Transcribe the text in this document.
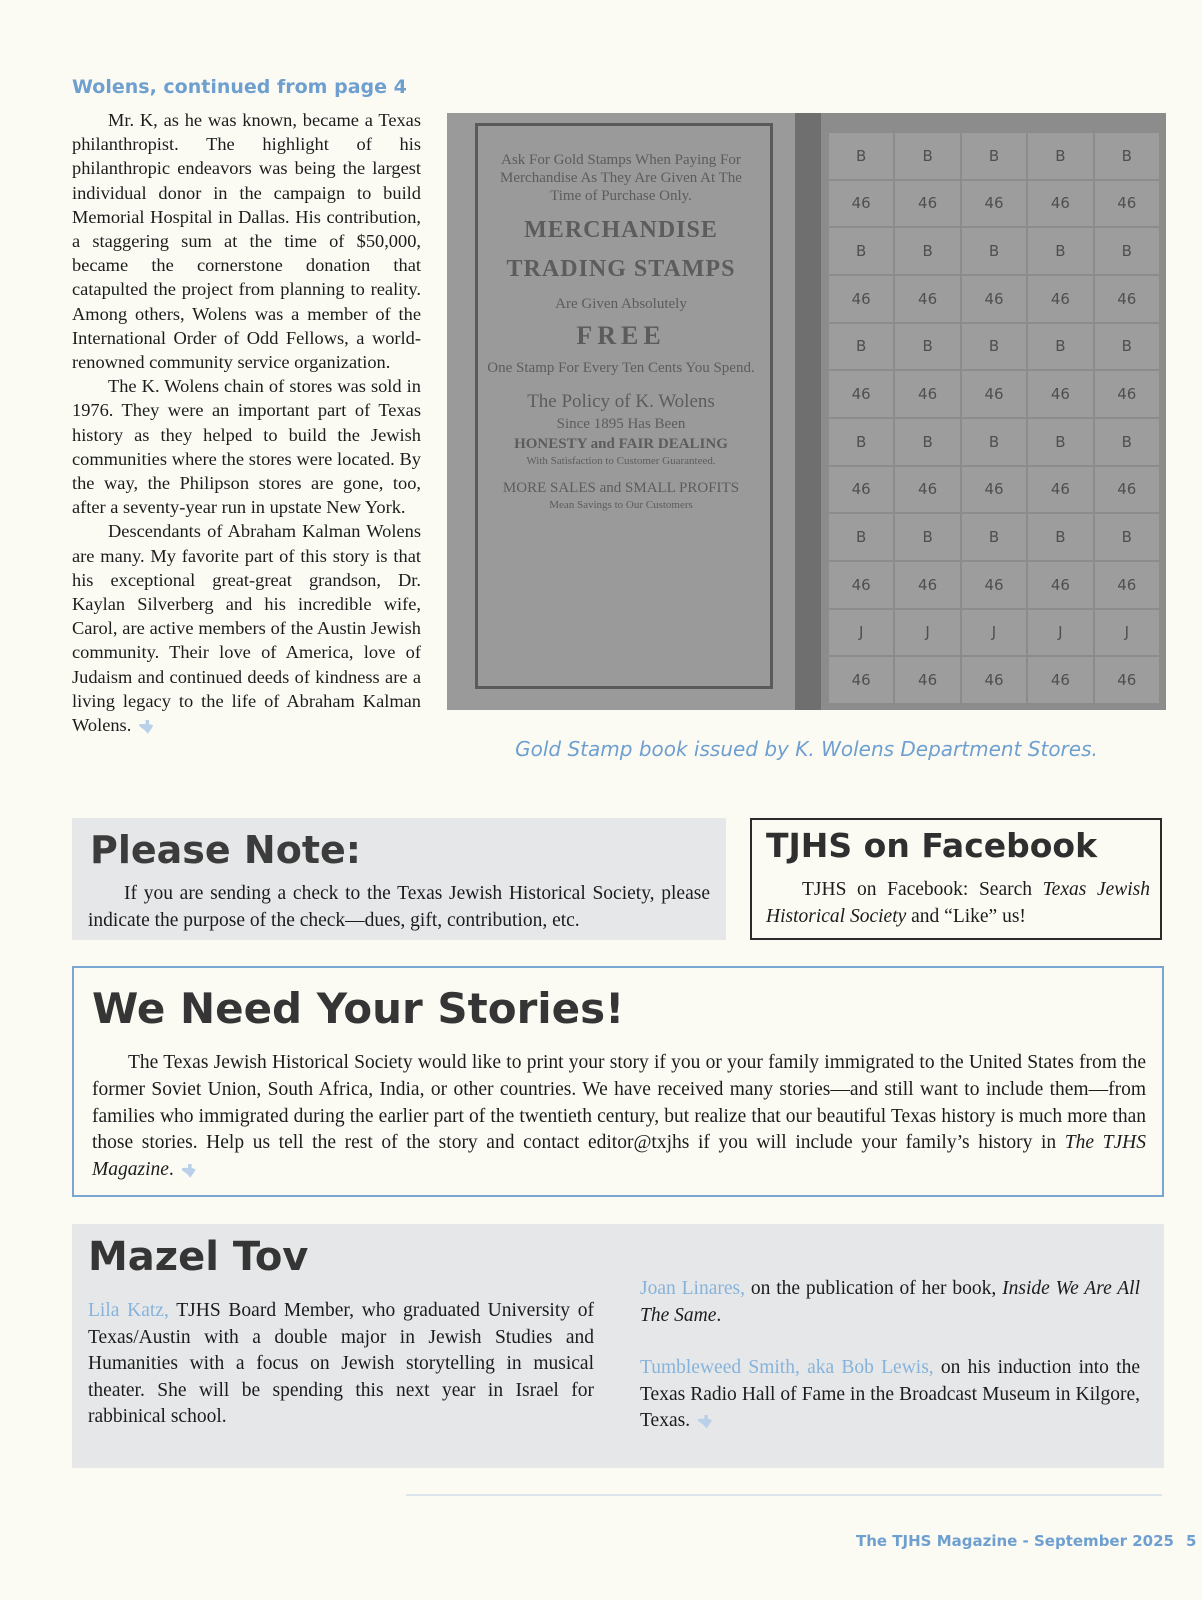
Wolens, continued from page 4

Mr. K, as he was known, became a Texas philanthropist. The highlight of his philanthropic endeavors was being the largest individual donor in the campaign to build Memorial Hospital in Dallas. His contribution, a staggering sum at the time of $50,000, became the cornerstone donation that catapulted the project from planning to reality. Among others, Wolens was a member of the International Order of Odd Fellows, a world-renowned community service organization.

The K. Wolens chain of stores was sold in 1976. They were an important part of Texas history as they helped to build the Jewish communities where the stores were located. By the way, the Philipson stores are gone, too, after a seventy-year run in upstate New York.

Descendants of Abraham Kalman Wolens are many. My favorite part of this story is that his exceptional great-great grandson, Dr. Kaylan Silverberg and his incredible wife, Carol, are active members of the Austin Jewish community. Their love of America, love of Judaism and continued deeds of kindness are a living legacy to the life of Abraham Kalman Wolens.

Ask For Gold Stamps When Paying For Merchandise As They Are Given At The Time of Purchase Only.
MERCHANDISE
TRADING STAMPS
Are Given Absolutely
FREE
One Stamp For Every Ten Cents You Spend.
The Policy of K. Wolens
Since 1895 Has Been
HONESTY and FAIR DEALING
With Satisfaction to Customer Guaranteed.
MORE SALES and SMALL PROFITS
Mean Savings to Our Customers
B	B	B	B	B
46	46	46	46	46
B	B	B	B	B
46	46	46	46	46
B	B	B	B	B
46	46	46	46	46
B	B	B	B	B
46	46	46	46	46
B	B	B	B	B
46	46	46	46	46
J	J	J	J	J
46	46	46	46	46
Gold Stamp book issued by K. Wolens Department Stores.
Please Note:
If you are sending a check to the Texas Jewish Historical Society, please indicate the purpose of the check—dues, gift, contribution, etc.
TJHS on Facebook
TJHS on Facebook: Search Texas Jewish Historical Society and “Like” us!
We Need Your Stories!
The Texas Jewish Historical Society would like to print your story if you or your family immigrated to the United States from the former Soviet Union, South Africa, India, or other countries. We have received many stories—and still want to include them—from families who immigrated during the earlier part of the twentieth century, but realize that our beautiful Texas history is much more than those stories. Help us tell the rest of the story and contact editor@txjhs if you will include your family’s history in The TJHS Magazine.
Mazel Tov
Lila Katz, TJHS Board Member, who graduated University of Texas/Austin with a double major in Jewish Studies and Humanities with a focus on Jewish storytelling in musical theater. She will be spending this next year in Israel for rabbinical school.

Joan Linares, on the publication of her book, Inside We Are All The Same.

Tumbleweed Smith, aka Bob Lewis, on his induction into the Texas Radio Hall of Fame in the Broadcast Museum in Kilgore, Texas.

The TJHS Magazine - September 2025 5
